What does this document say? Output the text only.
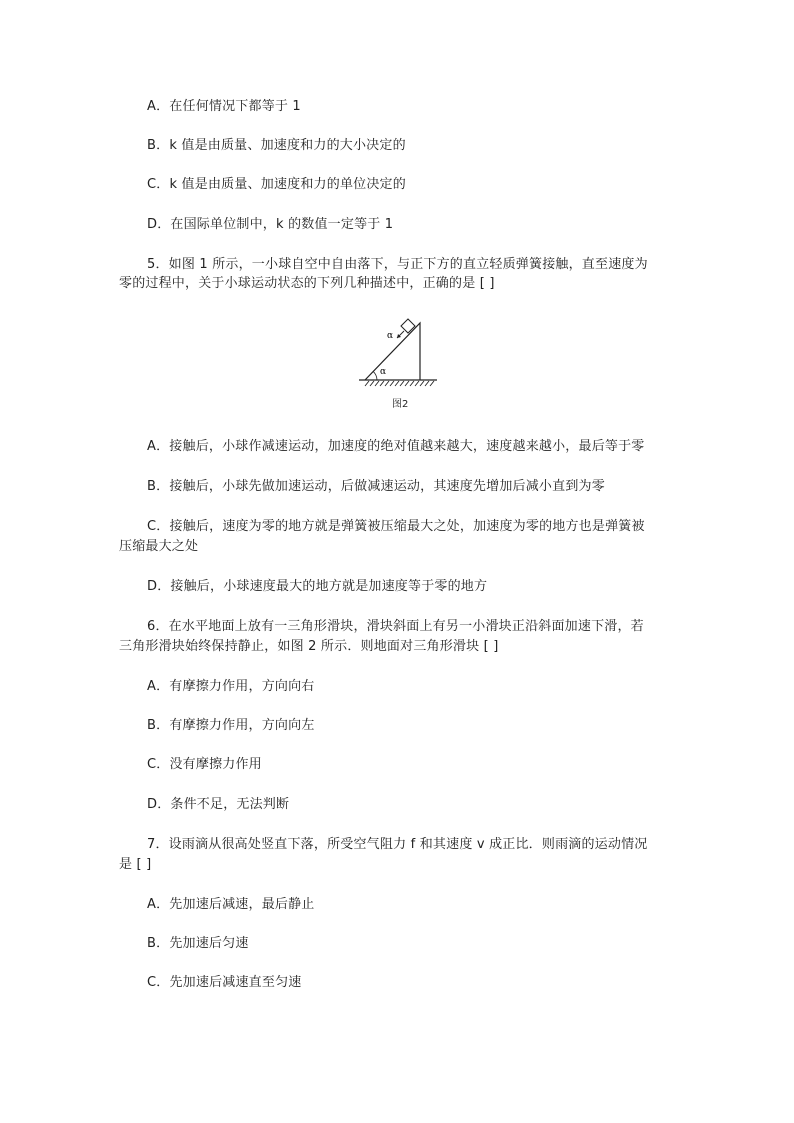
A．在任何情况下都等于 1
B．k 值是由质量、加速度和力的大小决定的
C．k 值是由质量、加速度和力的单位决定的
D．在国际单位制中，k 的数值一定等于 1
5．如图 1 所示，一小球自空中自由落下，与正下方的直立轻质弹簧接触，直至速度为
零的过程中，关于小球运动状态的下列几种描述中，正确的是 [ ]
α
α
图2
A．接触后，小球作减速运动，加速度的绝对值越来越大，速度越来越小，最后等于零
B．接触后，小球先做加速运动，后做减速运动，其速度先增加后减小直到为零
C．接触后，速度为零的地方就是弹簧被压缩最大之处，加速度为零的地方也是弹簧被
压缩最大之处
D．接触后，小球速度最大的地方就是加速度等于零的地方
6．在水平地面上放有一三角形滑块，滑块斜面上有另一小滑块正沿斜面加速下滑，若
三角形滑块始终保持静止，如图 2 所示．则地面对三角形滑块 [ ]
A．有摩擦力作用，方向向右
B．有摩擦力作用，方向向左
C．没有摩擦力作用
D．条件不足，无法判断
7．设雨滴从很高处竖直下落，所受空气阻力 f 和其速度 v 成正比．则雨滴的运动情况
是 [ ]
A．先加速后减速，最后静止
B．先加速后匀速
C．先加速后减速直至匀速
